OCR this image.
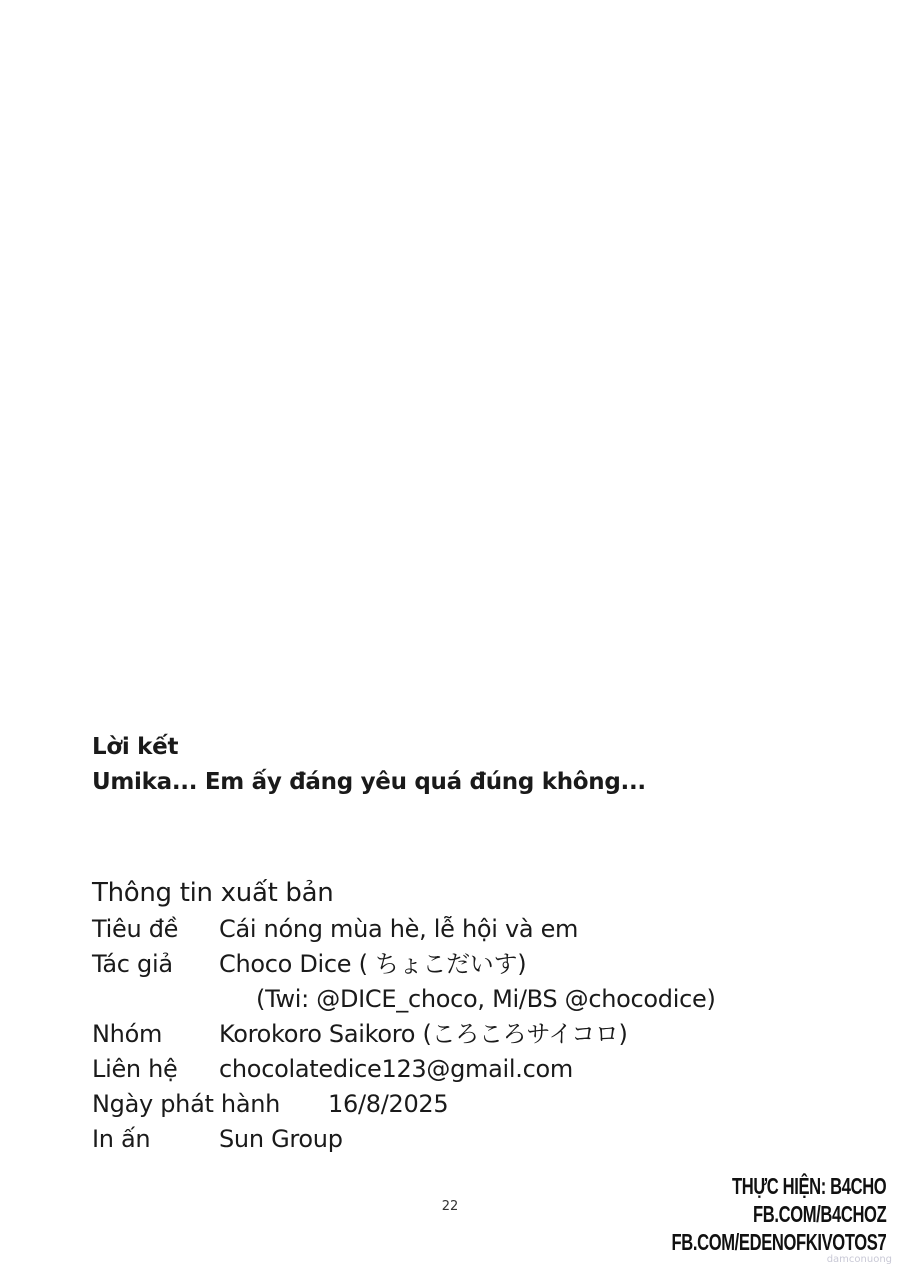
Lời kết
Umika... Em ấy đáng yêu quá đúng không...
Thông tin xuất bản
Tiêu đề Cái nóng mùa hè, lễ hội và em
Tác giả Choco Dice ( ちょこだいす)
(Twi: @DICE_choco, Mi/BS @chocodice)
Nhóm Korokoro Saikoro (ころころサイコロ)
Liên hệ chocolatedice123@gmail.com
Ngày phát hành 16/8/2025
In ấn	Sun Group
22
THỰC HIỆN: B4CHO
FB.COM/B4CHOZ
FB.COM/EDENOFKIVOTOS7
damconuong
